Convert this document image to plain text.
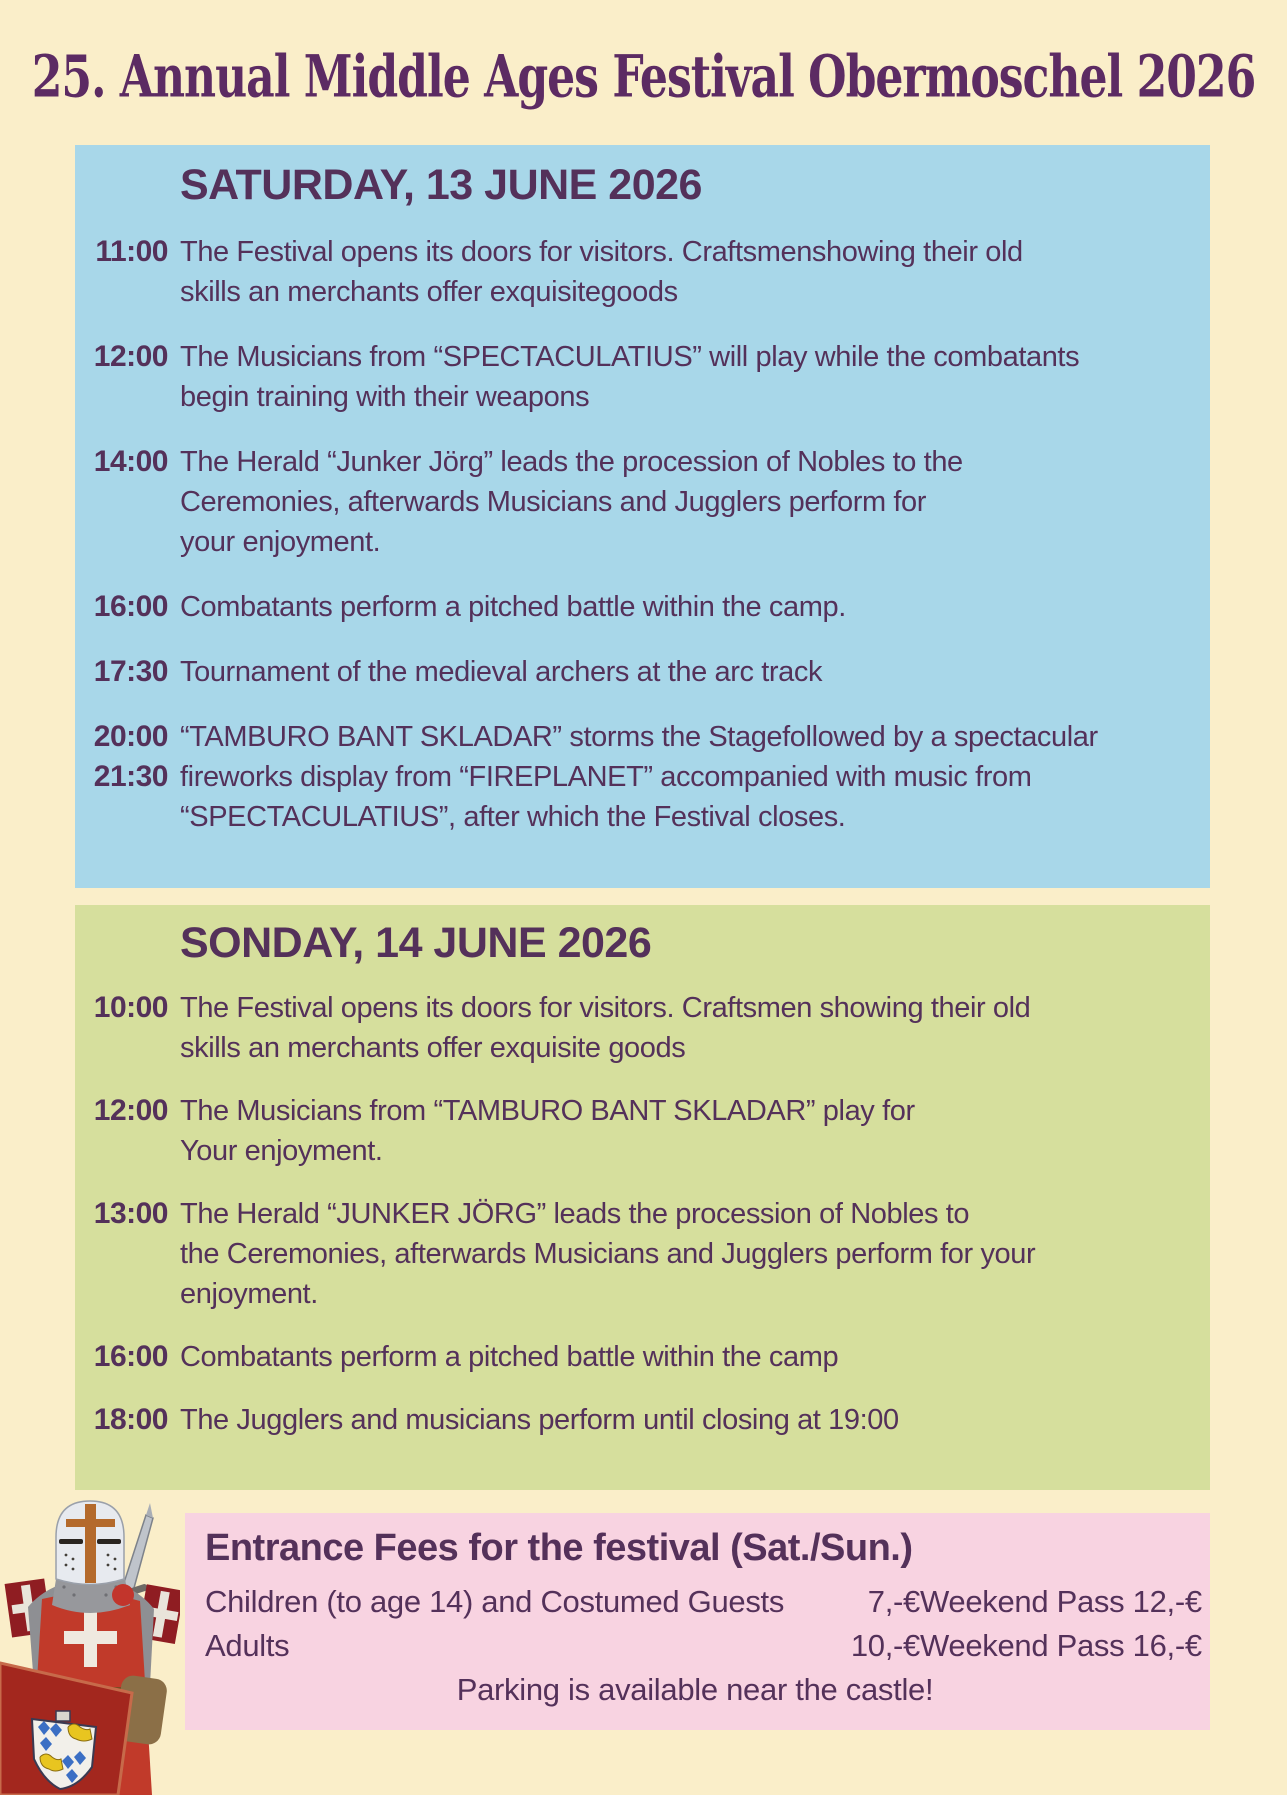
25. Annual Middle Ages Festival Obermoschel 2026
SATURDAY, 13 JUNE 2026
11:00 The Festival opens its doors for visitors. Craftsmenshowing their old
skills an merchants offer exquisitegoods
12:00 The Musicians from “SPECTACULATIUS” will play while the combatants
begin training with their weapons
14:00 The Herald “Junker Jörg” leads the procession of Nobles to the
Ceremonies, afterwards Musicians and Jugglers perform for
your enjoyment.
16:00 Combatants perform a pitched battle within the camp.
17:30 Tournament of the medieval archers at the arc track
20:00
21:30
“TAMBURO BANT SKLADAR” storms the Stagefollowed by a spectacular
fireworks display from “FIREPLANET” accompanied with music from
“SPECTACULATIUS”, after which the Festival closes.
SONDAY, 14 JUNE 2026
10:00 The Festival opens its doors for visitors. Craftsmen showing their old
skills an merchants offer exquisite goods
12:00 The Musicians from “TAMBURO BANT SKLADAR” play for
Your enjoyment.
13:00 The Herald “JUNKER JÖRG” leads the procession of Nobles to
the Ceremonies, afterwards Musicians and Jugglers perform for your
enjoyment.
16:00 Combatants perform a pitched battle within the camp
18:00 The Jugglers and musicians perform until closing at 19:00
Entrance Fees for the festival (Sat./Sun.)
Children (to age 14) and Costumed Guests	7,-€ Weekend Pass 12,-€
Adults	10,-€ Weekend Pass 16,-€
Parking is available near the castle!
